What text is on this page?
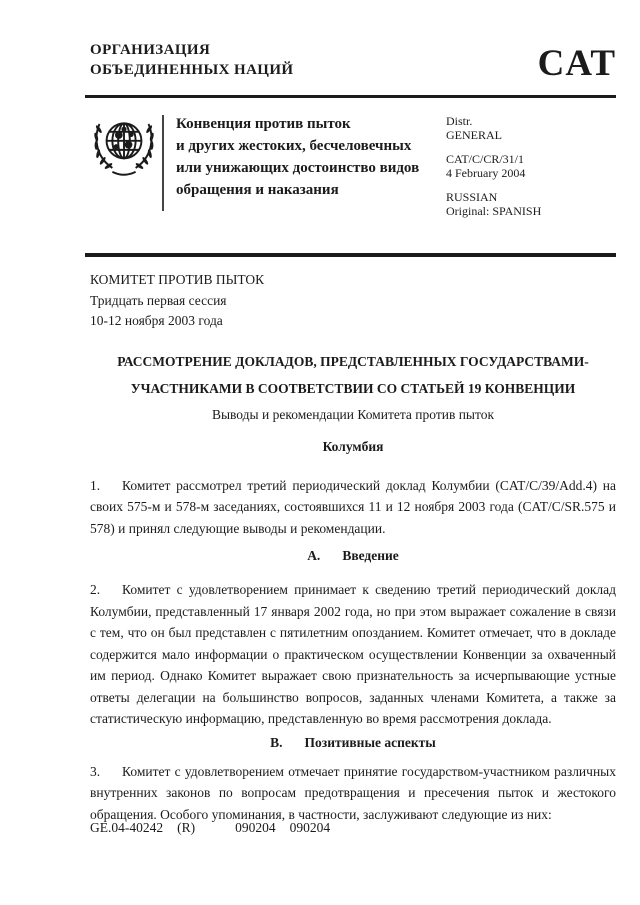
ОРГАНИЗАЦИЯ
ОБЪЕДИНЕННЫХ НАЦИЙ	CAT
Конвенция против пыток
и других жестоких, бесчеловечных
или унижающих достоинство видов
обращения и наказания
Distr.
GENERAL
CAT/C/CR/31/1
4 February 2004
RUSSIAN
Original: SPANISH
КОМИТЕТ ПРОТИВ ПЫТОК
Тридцать первая сессия
10-12 ноября 2003 года
РАССМОТРЕНИЕ ДОКЛАДОВ, ПРЕДСТАВЛЕННЫХ ГОСУДАРСТВАМИ-УЧАСТНИКАМИ В СООТВЕТСТВИИ СО СТАТЬЕЙ 19 КОНВЕНЦИИ
Выводы и рекомендации Комитета против пыток
Колумбия

1. Комитет рассмотрел третий периодический доклад Колумбии (CAT/C/39/Add.4) на своих 575-м и 578-м заседаниях, состоявшихся 11 и 12 ноября 2003 года (CAT/C/SR.575 и 578) и принял следующие выводы и рекомендации.

A. Введение

2. Комитет с удовлетворением принимает к сведению третий периодический доклад Колумбии, представленный 17 января 2002 года, но при этом выражает сожаление в связи с тем, что он был представлен с пятилетним опозданием. Комитет отмечает, что в докладе содержится мало информации о практическом осуществлении Конвенции за охваченный им период. Однако Комитет выражает свою признательность за исчерпывающие устные ответы делегации на большинство вопросов, заданных членами Комитета, а также за статистическую информацию, представленную во время рассмотрения доклада.

B. Позитивные аспекты

3. Комитет с удовлетворением отмечает принятие государством-участником различных внутренних законов по вопросам предотвращения и пресечения пыток и жестокого обращения. Особого упоминания, в частности, заслуживают следующие из них:

GE.04-40242 (R)	090204 090204
